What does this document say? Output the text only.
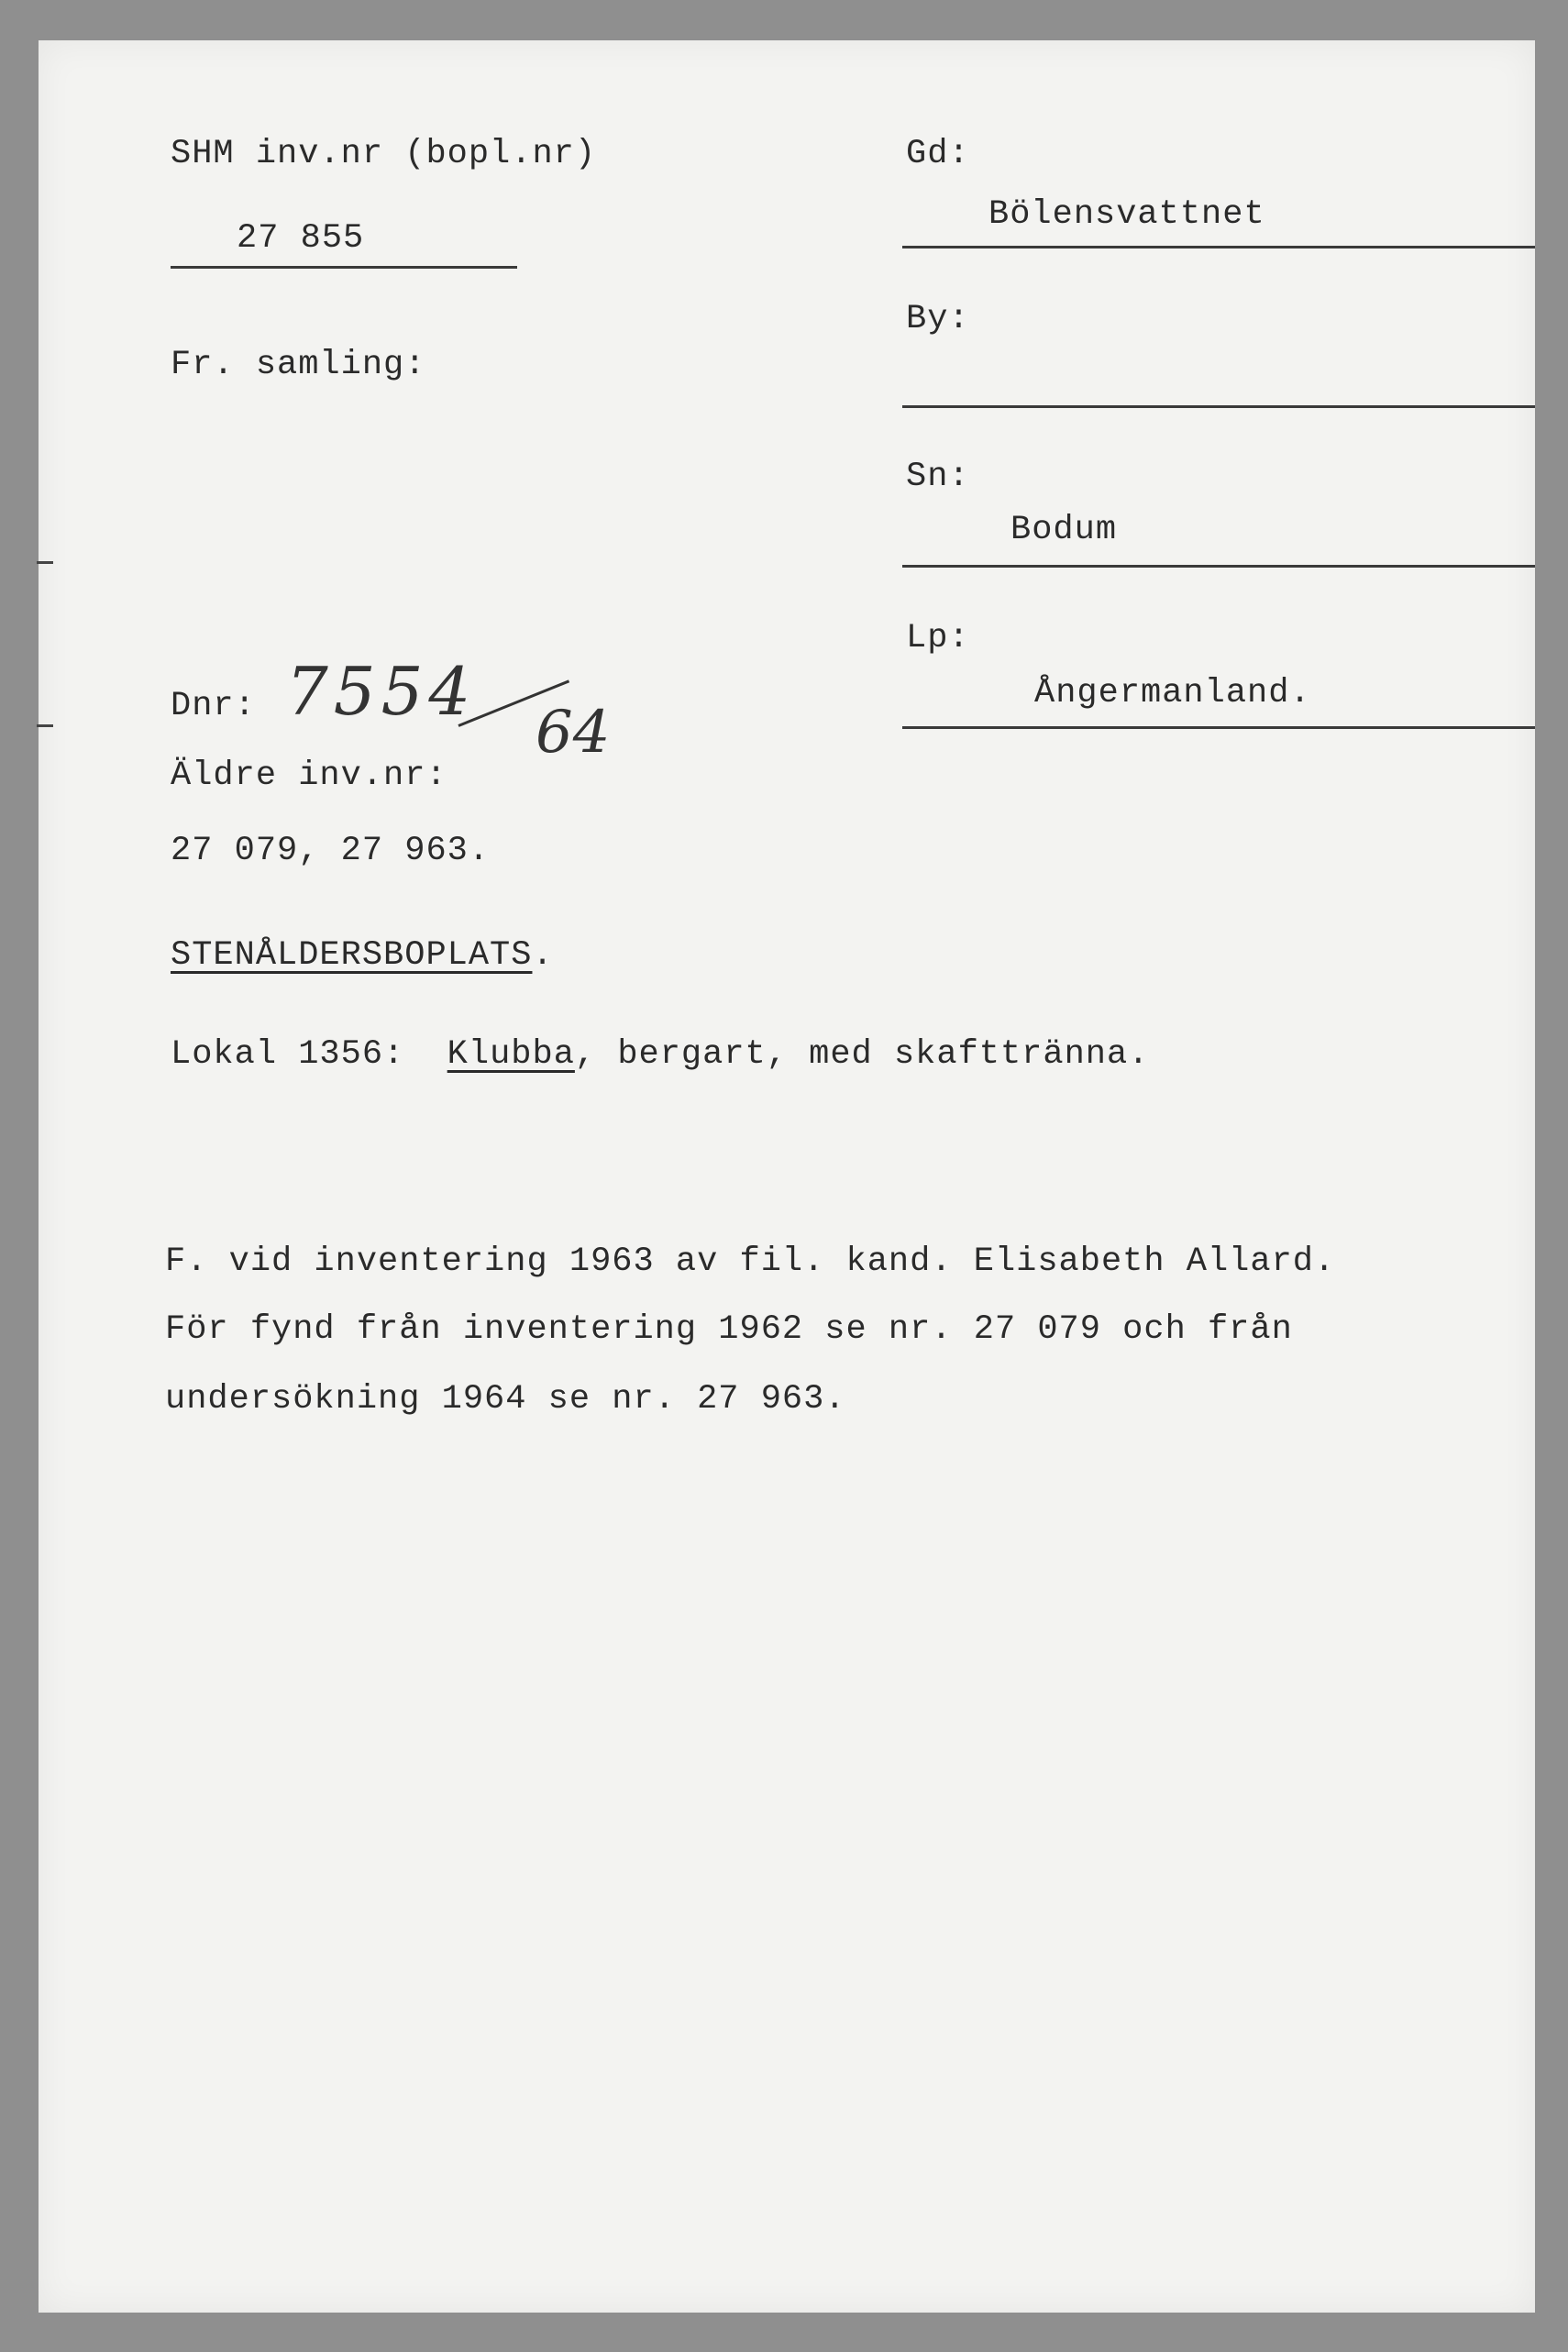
SHM inv.nr (bopl.nr)
27 855
Fr. samling:
Dnr: 7554
64
Äldre inv.nr:
27 079, 27 963.
Gd:
Bölensvattnet
By:
Sn:
Bodum
Lp:
Ångermanland.
STENÅLDERSBOPLATS.
Lokal 1356: Klubba, bergart, med skafttränna.
F. vid inventering 1963 av fil. kand. Elisabeth Allard.
För fynd från inventering 1962 se nr. 27 079 och från
undersökning 1964 se nr. 27 963.
